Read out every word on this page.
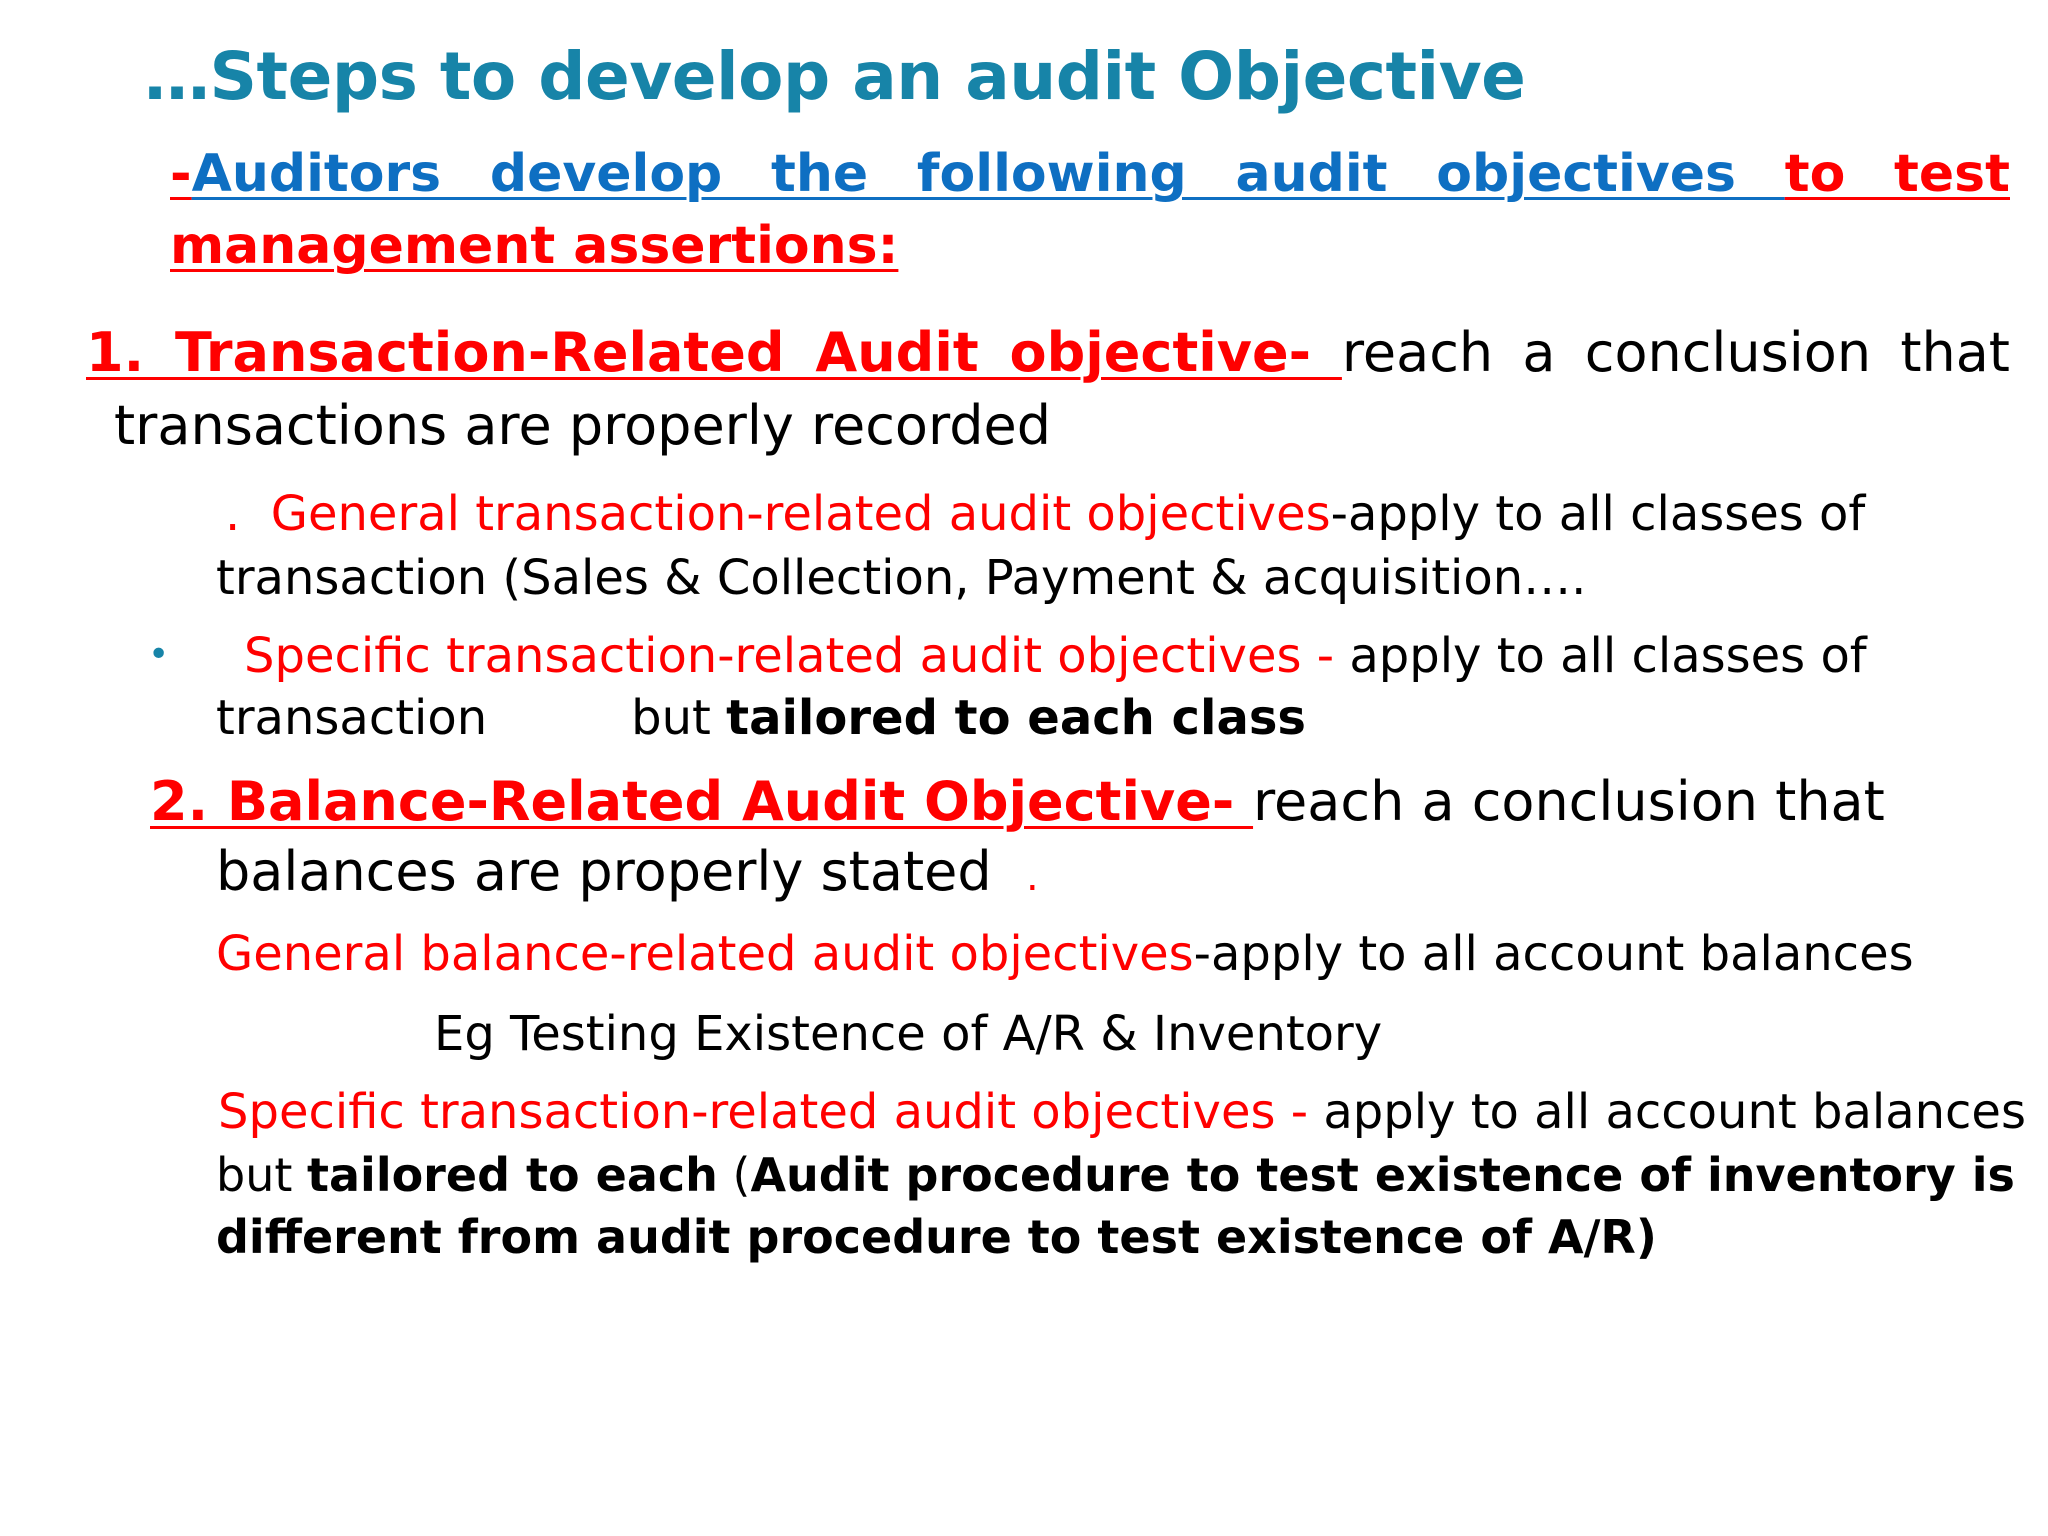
…Steps to develop an audit Objective
-Auditors develop the following audit objectives to test
management assertions:
1. Transaction-Related Audit objective- reach a conclusion that
transactions are properly recorded
. General transaction-related audit objectives-apply to all classes of
transaction (Sales & Collection, Payment & acquisition….
• Specific transaction-related audit objectives - apply to all classes of
transaction	but tailored to each class
2. Balance-Related Audit Objective- reach a conclusion that
balances are properly stated .
General balance-related audit objectives-apply to all account balances
Eg Testing Existence of A/R & Inventory
Specific transaction-related audit objectives - apply to all account balances
but tailored to each (Audit procedure to test existence of inventory is
different from audit procedure to test existence of A/R)
